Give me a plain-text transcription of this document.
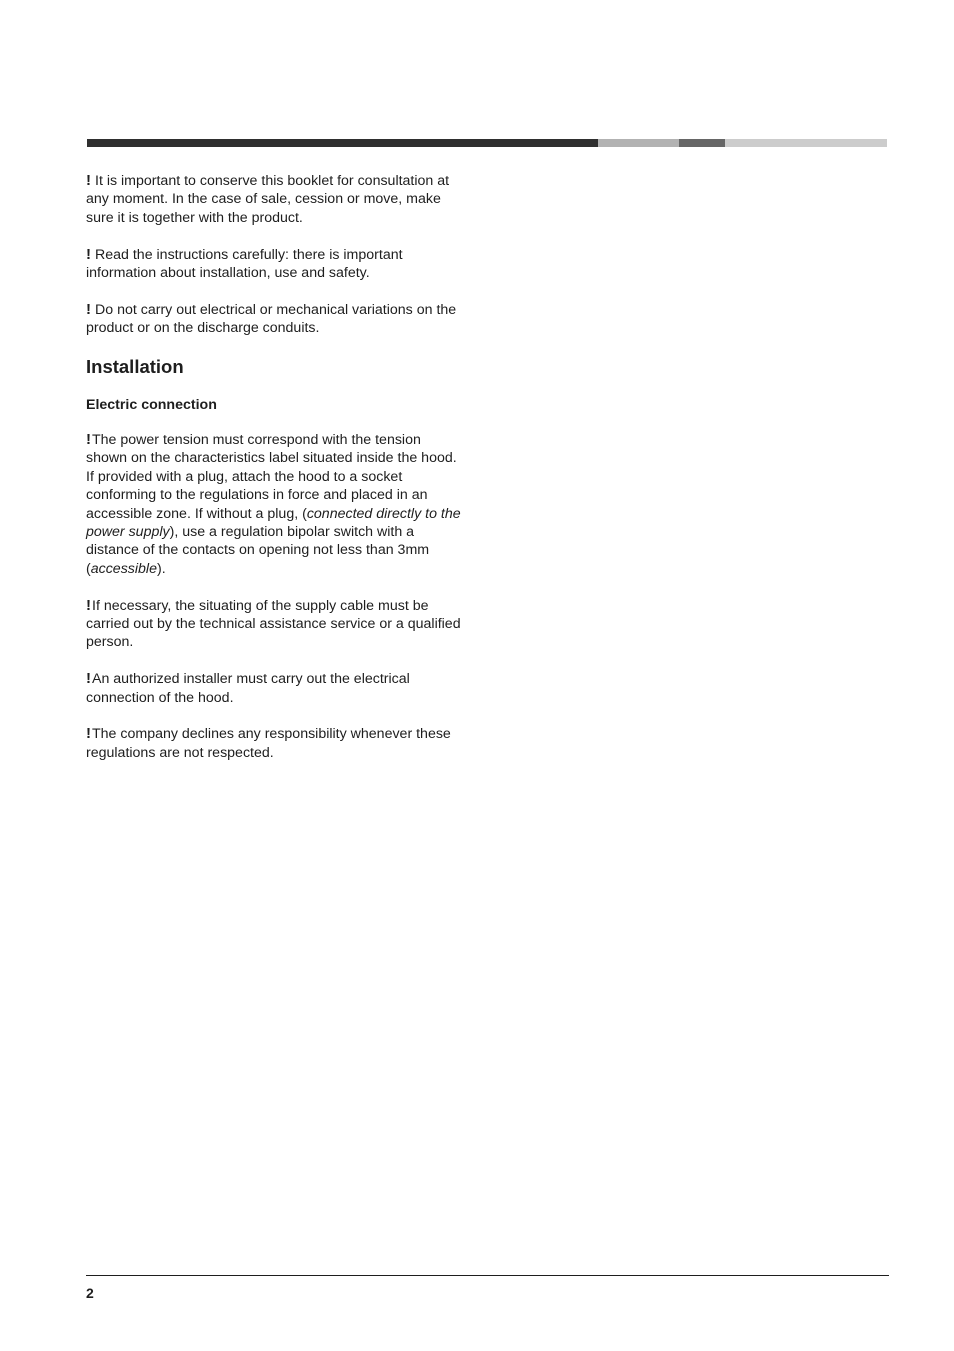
! It is important to conserve this booklet for consultation at any moment. In the case of sale, cession or move, make sure it is together with the product.

! Read the instructions carefully: there is important information about installation, use and safety.

! Do not carry out electrical or mechanical variations on the product or on the discharge conduits.

Installation
Electric connection

!The power tension must correspond with the tension shown on the characteristics label situated inside the hood. If provided with a plug, attach the hood to a socket conforming to the regulations in force and placed in an accessible zone. If without a plug, (connected directly to the power supply), use a regulation bipolar switch with a distance of the contacts on opening not less than 3mm (accessible).

!If necessary, the situating of the supply cable must be carried out by the technical assistance service or a qualified person.

!An authorized installer must carry out the electrical connection of the hood.

!The company declines any responsibility whenever these regulations are not respected.

2
